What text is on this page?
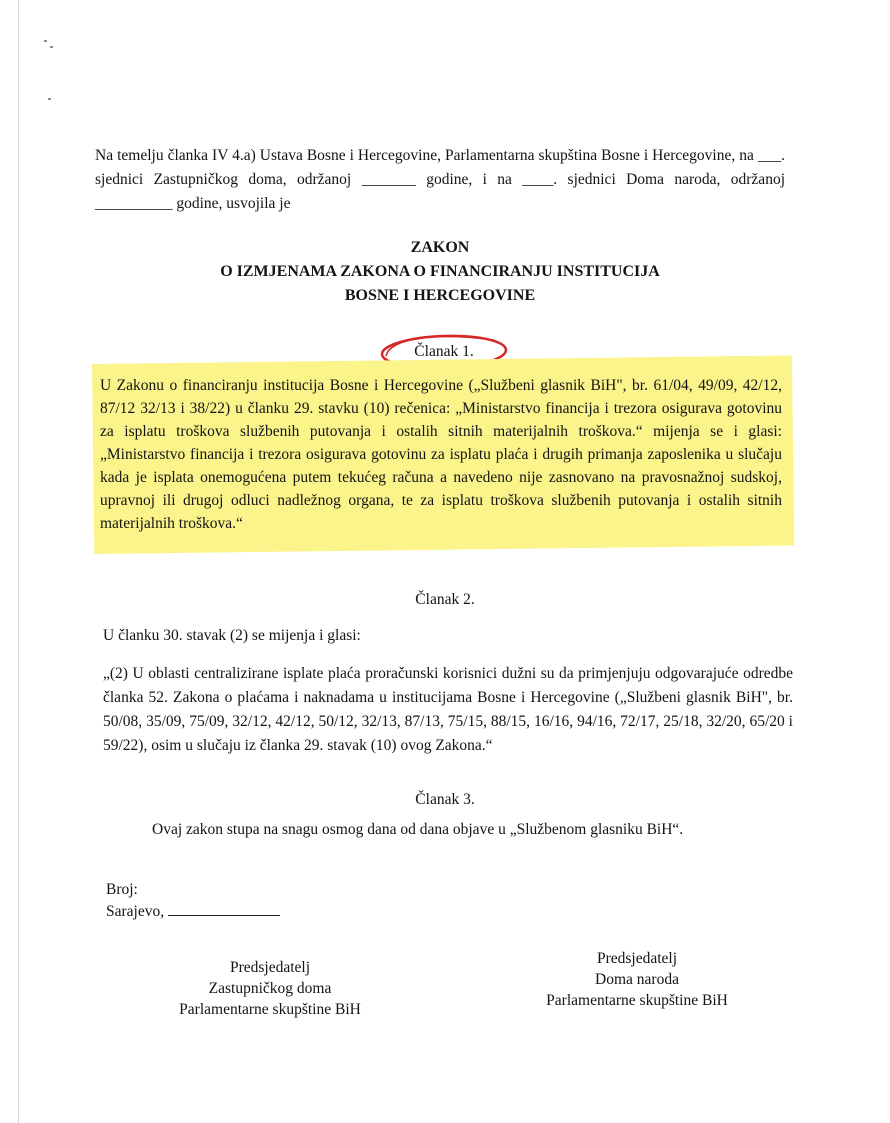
Na temelju članka IV 4.a) Ustava Bosne i Hercegovine, Parlamentarna skupština Bosne i Hercegovine, na ___. sjednici Zastupničkog doma, održanoj _______ godine, i na ____. sjednici Doma naroda, održanoj __________ godine, usvojila je
ZAKON
O IZMJENAMA ZAKONA O FINANCIRANJU INSTITUCIJA
BOSNE I HERCEGOVINE
Članak 1.
U Zakonu o financiranju institucija Bosne i Hercegovine („Službeni glasnik BiH", br. 61/04, 49/09, 42/12, 87/12 32/13 i 38/22) u članku 29. stavku (10) rečenica: „Ministarstvo financija i trezora osigurava gotovinu za isplatu troškova službenih putovanja i ostalih sitnih materijalnih troškova.“ mijenja se i glasi: „Ministarstvo financija i trezora osigurava gotovinu za isplatu plaća i drugih primanja zaposlenika u slučaju kada je isplata onemogućena putem tekućeg računa a navedeno nije zasnovano na pravosnažnoj sudskoj, upravnoj ili drugoj odluci nadležnog organa, te za isplatu troškova službenih putovanja i ostalih sitnih materijalnih troškova.“
Članak 2.
U članku 30. stavak (2) se mijenja i glasi:
„(2) U oblasti centralizirane isplate plaća proračunski korisnici dužni su da primjenjuju odgovarajuće odredbe članka 52. Zakona o plaćama i naknadama u institucijama Bosne i Hercegovine („Službeni glasnik BiH", br. 50/08, 35/09, 75/09, 32/12, 42/12, 50/12, 32/13, 87/13, 75/15, 88/15, 16/16, 94/16, 72/17, 25/18, 32/20, 65/20 i 59/22), osim u slučaju iz članka 29. stavak (10) ovog Zakona.“
Članak 3.
Ovaj zakon stupa na snagu osmog dana od dana objave u „Službenom glasniku BiH“.
Broj:
Sarajevo,
Predsjedatelj
Zastupničkog doma
Parlamentarne skupštine BiH
Predsjedatelj
Doma naroda
Parlamentarne skupštine BiH
